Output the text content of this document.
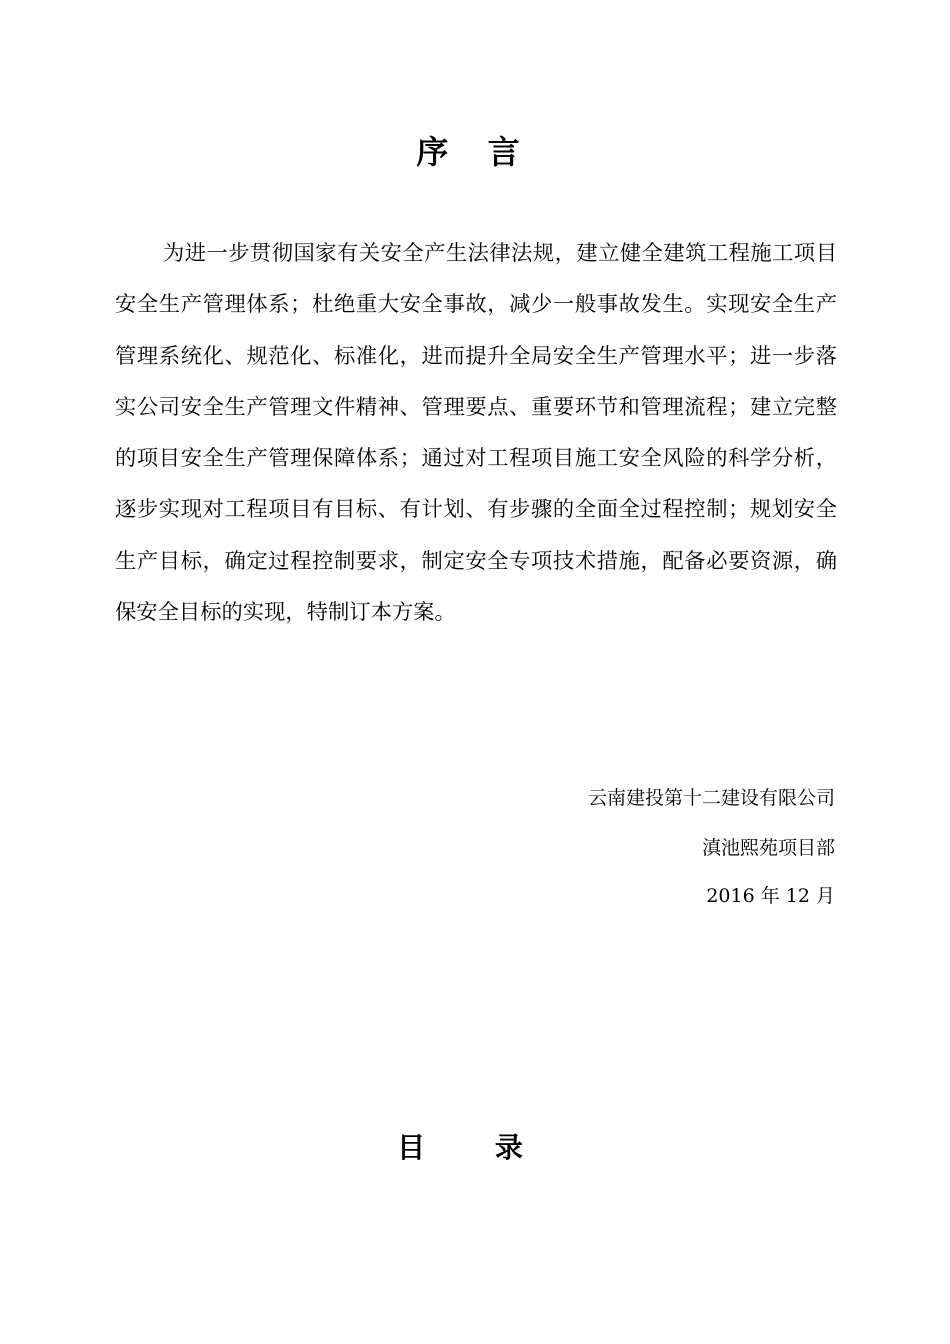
序 言

为进一步贯彻国家有关安全产生法律法规，建立健全建筑工程施工项目安全生产管理体系；杜绝重大安全事故，减少一般事故发生。实现安全生产管理系统化、规范化、标准化，进而提升全局安全生产管理水平；进一步落实公司安全生产管理文件精神、管理要点、重要环节和管理流程；建立完整的项目安全生产管理保障体系；通过对工程项目施工安全风险的科学分析，逐步实现对工程项目有目标、有计划、有步骤的全面全过程控制；规划安全生产目标，确定过程控制要求，制定安全专项技术措施，配备必要资源，确保安全目标的实现，特制订本方案。

云南建投第十二建设有限公司
滇池熙苑项目部
2016 年 12 月
目 录
